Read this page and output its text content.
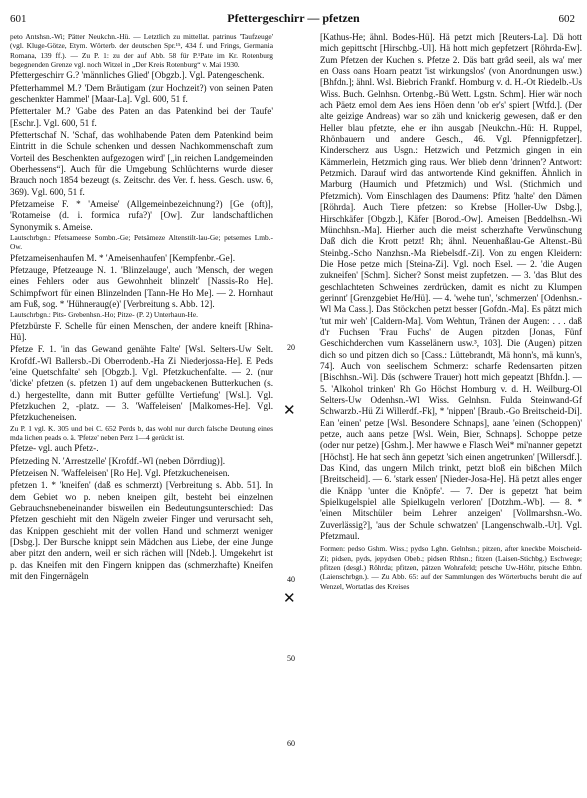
601	Pfettergeschirr — pfetzen	602

peto Antshsn.-Wi; Pätter Neukchn.-Hü. — Letztlich zu mittellat. patrinus 'Taufzeuge' (vgl. Kluge-Götze, Etym. Wörterb. der deutschen Spr.¹⁵, 434 f. und Frings, Germania Romana, 139 ff.). — Zu P. 1: zu der auf Abb. 58 für P.¹Pate im Kr. Rotenburg begegnenden Grenze vgl. noch Witzel in „Der Kreis Rotenburg“ v. Mai 1930.

Pfettergeschirr G.? 'männliches Glied' [Obgzb.]. Vgl. Patengeschenk.

Pfetterhammel M.? 'Dem Bräutigam (zur Hochzeit?) von seinen Paten geschenkter Hammel' [Maar-La]. Vgl. 600, 51 f.

Pfettertaler M.? 'Gabe des Paten an das Patenkind bei der Taufe' [Eschr.]. Vgl. 600, 51 f.

Pfettertschaf N. 'Schaf, das wohlhabende Paten dem Patenkind beim Eintritt in die Schule schenken und dessen Nachkommenschaft zum Vorteil des Beschenkten aufgezogen wird' [„in reichen Landgemeinden Oberhessens“]. Auch für die Umgebung Schlüchterns wurde dieser Brauch noch 1854 bezeugt (s. Zeitschr. des Ver. f. hess. Gesch. usw. 6, 369). Vgl. 600, 51 f.

Pfetzameise F. * 'Ameise' (Allgemeinbezeichnung?) [Ge (oft)], 'Rotameise (d. i. formica rufa?)' [Ow]. Zur landschaftlichen Synonymik s. Ameise.

Lautschrbgn.: Pfetsameese Sombn.-Ge; Petsämeze Altenstilt-lau-Ge; petsemes Lmb.-Ow.

Pfetzameisenhaufen M. * 'Ameisenhaufen' [Kempfenbr.-Ge].

Pfetzauge, Pfetzeauge N. 1. 'Blinzelauge', auch 'Mensch, der wegen eines Fehlers oder aus Gewohnheit blinzelt' [Nassis-Ro He]. Schimpfwort für einen Blinzelnden [Tann-He Ho Me]. — 2. Hornhaut am Fuß, sog. * 'Hühneraug(e)' [Verbreitung s. Abb. 12].

Lautschrbgn.: Pits- Grebenhsn.-Ho; Pitze- (P. 2) Unterhaun-He.

Pfetzbürste F. Schelle für einen Menschen, der andere kneift [Rhina-Hü].

Pfetze F. 1. 'in das Gewand genähte Falte' [Wsl. Selters-Uw Selt. Krofdf.-Wl Ballersb.-Di Oberrodenb.-Ha Zi Niederjossa-He]. E Peds 'eine Quetschfalte' seh [Obgzb.]. Vgl. Pfetzkuchenfalte. — 2. (nur 'dicke' pfetzen (s. pfetzen 1) auf dem ungebackenen Butterkuchen (s. d.) hergestellte, dann mit Butter gefüllte Vertiefung' [Wsl.]. Vgl. Pfetzkuchen 2, -platz. — 3. 'Waffeleisen' [Malkomes-He]. Vgl. Pfetzkucheneisen.

Zu P. 1 vgl. K. 305 und bei C. 652 Perds b, das wohl nur durch falsche Deutung eines mda lichen peads o. ä. 'Pfetze' neben Perz 1—4 gerückt ist.

Pfetze- vgl. auch Pfetz-.

Pfetzeding N. 'Arrestzelle' [Krofdf.-Wl (neben Dörrdiug)].

Pfetzeisen N. 'Waffeleisen' [Ro He]. Vgl. Pfetzkucheneisen.

pfetzen 1. * 'kneifen' (daß es schmerzt) [Verbreitung s. Abb. 51]. In dem Gebiet wo p. neben kneipen gilt, besteht bei einzelnen Gebrauchsnebeneinander bisweilen ein Bedeutungsunterschied: Das Pfetzen geschieht mit den Nägeln zweier Finger und verursacht seh, das Knippen geschieht mit der vollen Hand und schmerzt weniger [Dsbg.]. Der Bursche knippt sein Mädchen aus Liebe, der eine Junge aber pitzt den andern, weil er sich rächen will [Ndeb.]. Umgekehrt ist p. das Kneifen mit den Fingern knippen das (schmerzhafte) Kneifen mit den Fingernägeln

20
✕
40
✕
50
60

[Kathus-He; ähnl. Bodes-Hü]. Hä petzt mich [Reuters-La]. Dä hott mich gepittscht [Hirschbg.-Ul]. Hä hott mich gepfetzert [Röhrda-Ew]. Zum Pfetzen der Kuchen s. Pfetze 2. Däs batt grâd seeil, als wa' mer en Oass oans Hoarn peatzt 'ist wirkungslos' (von Anordnungen usw.) [Bhfdn.]; ähnl. Wsl. Biebrich Frankf. Homburg v. d. H.-Ot Riedelb.-Us Wiss. Buch. Gelnhsn. Ortenbg.-Bü Wett. Lgstn. Schm]. Hier wär noch ach Päetz emol dem Aes iens Höen denn 'ob er's' spiert [Wtfd.]. (Der alte geizige Andreas) war so zäh und knickerig gewesen, daß er den Heller blau pfetzte, ehe er ihn ausgab [Neukchn.-Hü: H. Ruppel, Rhönbauern und andere Gesch., 46. Vgl. Pfennigpfetzer]. Kinderscherz aus Usgn.: Hetzwich und Petzmich gingen in ein Kämmerlein, Hetzmich ging raus. Wer blieb denn 'drinnen'? Antwort: Petzmich. Darauf wird das antwortende Kind gekniffen. Ähnlich in Marburg (Haumich und Pfetzmich) und Wsl. (Stichmich und Pfetzmich). Vom Einschlagen des Daumens: Pfitz 'halte' den Dämen [Röhrda]. Auch Tiere pfetzen: so Krebse [Holler-Uw Dsbg.], Hirschkäfer [Obgzb.], Käfer [Borod.-Ow]. Ameisen [Beddelhsn.-Wi Münchhsn.-Ma]. Hierher auch die meist scherzhafte Verwünschung Daß dich die Krott petzt! Rh; ähnl. Neuenhaßlau-Ge Altenst.-Bü Steinbg.-Scho Nanzhsn.-Ma Riebelsdf.-Zi]. Von zu engen Kleidern: Die Hose petze mich [Steina-Zi]. Vgl. noch Esel. — 2. 'die Augen zukneifen' [Schm]. Sicher? Sonst meist zupfetzen. — 3. 'das Blut des geschlachteten Schweines zerdrücken, damit es nicht zu Klumpen gerinnt' [Grenzgebiet He/Hü]. — 4. 'wehe tun', 'schmerzen' [Odenhsn.-Wl Ma Cass.]. Das Stöckchen petzt besser [Gofdn.-Ma]. Es pätzt mich 'tut mir weh' [Caldern-Ma]. Vom Wehtun, Tränen der Augen: . . . daß d'r Fuchsen 'Frau Fuchs' de Augen pitzden [Jonas, Fünf Geschichderchen vum Kasselänern usw.³, 103]. Die (Augen) pitzen dich so und pitzen dich so [Cass.: Lüttebrandt, Mä honn's, mä kunn's, 74]. Auch von seelischem Schmerz: scharfe Redensarten pitzen [Bischhsn.-Wi]. Däs (schwere Trauer) hott mich gepeatzt [Bhfdn.]. — 5. 'Alkohol trinken' Rh Go Höchst Homburg v. d. H. Weilburg-Ol Selters-Uw Odenhsn.-Wl Wiss. Gelnhsn. Fulda Steinwand-Gf Schwarzb.-Hü Zi Willerdf.-Fk], * 'nippen' [Braub.-Go Breitscheid-Di]. Ean 'einen' petze [Wsl. Besondere Schnaps], aane 'einen (Schoppen)' petze, auch aans petze [Wsl. Wein, Bier, Schnaps]. Schoppe petze (oder nur petze) [Gshm.]. Mer hawwe e Flasch Wei* mi'nanner gepetzt [Höchst]. He hat sech änn gepetzt 'sich einen angetrunken' [Willersdf.]. Das Kind, das ungern Milch trinkt, petzt bloß ein bißchen Milch [Breitscheid]. — 6. 'stark essen' [Nieder-Josa-He]. Hä petzt alles enger die Knäpp 'unter die Knöpfe'. — 7. Der is gepetzt 'hat beim Spielkugelspiel alle Spielkugeln verloren' [Dotzhm.-Wb]. — 8. * 'einen Mitschüler beim Lehrer anzeigen' [Vollmarshsn.-Wo. Zuverlässig?], 'aus der Schule schwatzen' [Langenschwalb.-Ut]. Vgl. Pfetzmaul.

Formen: pedso Gshm. Wiss.; pydso Lghn. Gelnhsn.; pitzen, after kneckbe Moischeid-Zi; pidsen, pyds, jepydsen Obeb.; pidsen Rhhsn.; fitzen (Laisen-Stichbg.) Eschwege; pfitzen (desgl.) Röhrda; pfitzen, pätzen Wohrafeld; petsche Uw-Höhr, pitsche Ethbn. (Laienschrbgn.). — Zu Abb. 65: auf der Sammlungen des Wörterbuchs beruht die auf Wenzel, Wortatlas des Kreises
